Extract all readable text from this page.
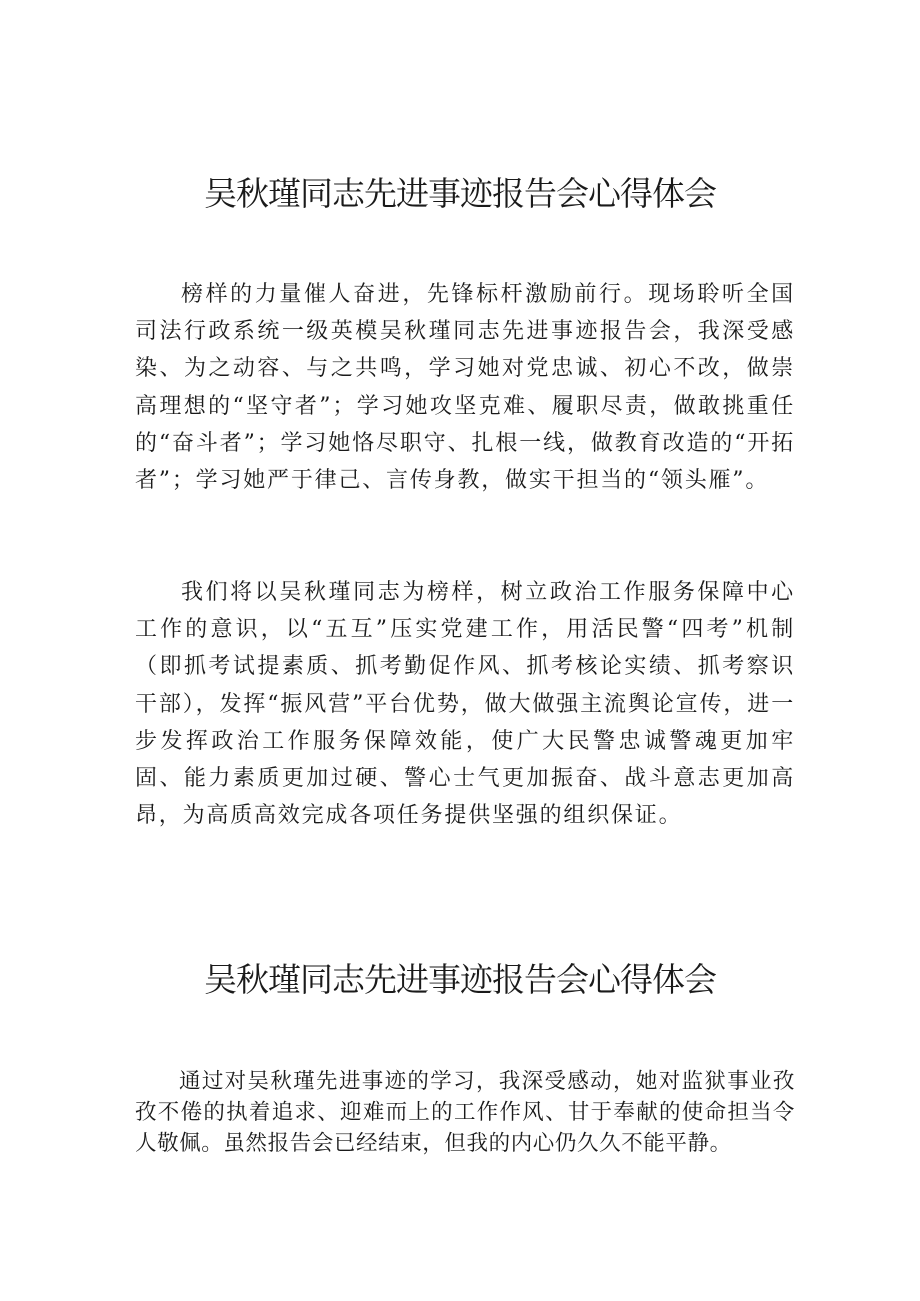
吴秋瑾同志先进事迹报告会心得体会

榜样的力量催人奋进，先锋标杆激励前行。现场聆听全国司法行政系统一级英模吴秋瑾同志先进事迹报告会，我深受感染、为之动容、与之共鸣，学习她对党忠诚、初心不改，做崇高理想的“坚守者”；学习她攻坚克难、履职尽责，做敢挑重任的“奋斗者”；学习她恪尽职守、扎根一线，做教育改造的“开拓者”；学习她严于律己、言传身教，做实干担当的“领头雁”。

我们将以吴秋瑾同志为榜样，树立政治工作服务保障中心工作的意识，以“五互”压实党建工作，用活民警“四考”机制（即抓考试提素质、抓考勤促作风、抓考核论实绩、抓考察识干部），发挥“振风营”平台优势，做大做强主流舆论宣传，进一步发挥政治工作服务保障效能，使广大民警忠诚警魂更加牢固、能力素质更加过硬、警心士气更加振奋、战斗意志更加高昂，为高质高效完成各项任务提供坚强的组织保证。

吴秋瑾同志先进事迹报告会心得体会

通过对吴秋瑾先进事迹的学习，我深受感动，她对监狱事业孜孜不倦的执着追求、迎难而上的工作作风、甘于奉献的使命担当令人敬佩。虽然报告会已经结束，但我的内心仍久久不能平静。
